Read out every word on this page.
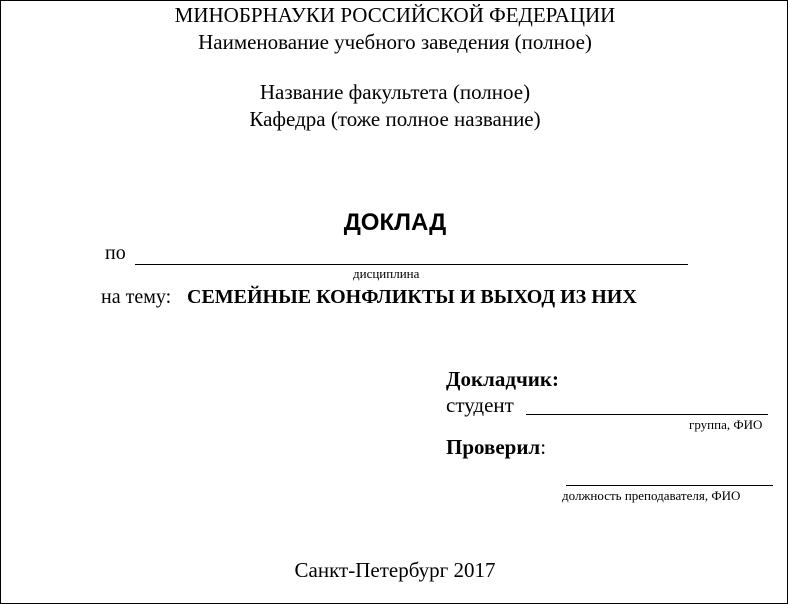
МИНОБРНАУКИ РОССИЙСКОЙ ФЕДЕРАЦИИ
Наименование учебного заведения (полное)
Название факультета (полное)
Кафедра (тоже полное название)
ДОКЛАД
по
дисциплина
на тему: СЕМЕЙНЫЕ КОНФЛИКТЫ И ВЫХОД ИЗ НИХ
Докладчик:
студент
группа, ФИО
Проверил:
должность преподавателя, ФИО
Санкт-Петербург 2017
